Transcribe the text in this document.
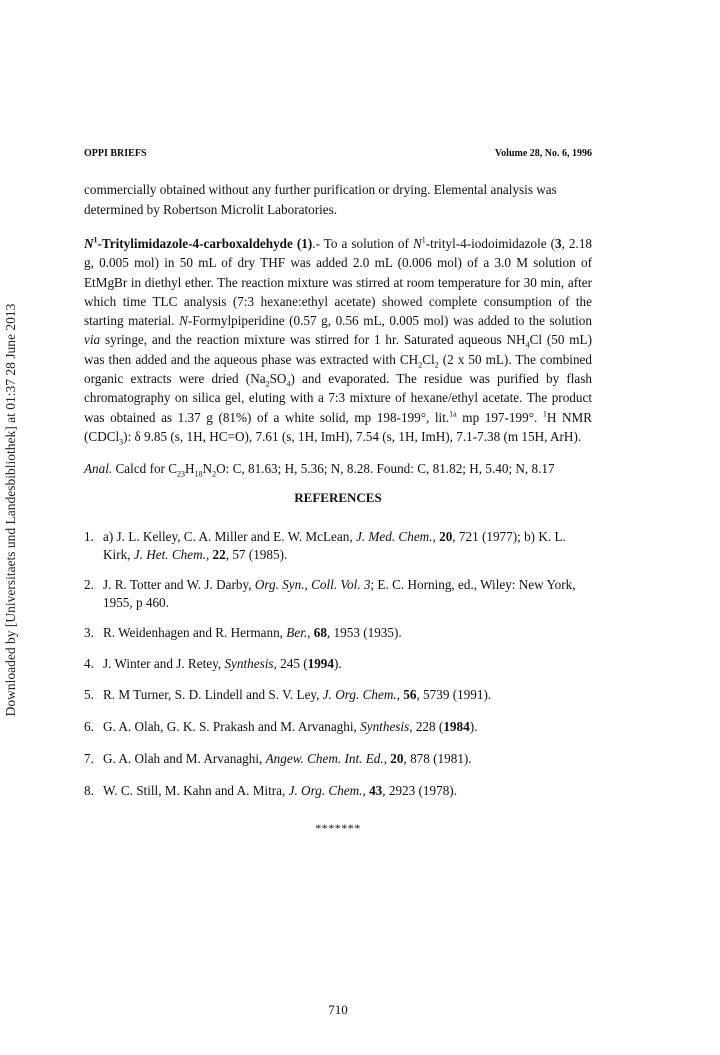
Downloaded by [Universitaets und Landesbibliothek] at 01:37 28 June 2013
OPPI BRIEFS	Volume 28, No. 6, 1996
commercially obtained without any further purification or drying. Elemental analysis was determined by Robertson Microlit Laboratories.
$N^1-Tritylimidazole-4$-carboxaldehyde (1).- To a solution of $N^1-trityl-4$-iodoimidazole (3, 2.18 g, 0.005 mol) in 50 mL of dry THF was added 2.0 mL (0.006 mol) of a 3.0 M solution of EtMgBr in diethyl ether. The reaction mixture was stirred at room temperature for 30 min, after which time TLC analysis (7:3 hexane:ethyl acetate) showed complete consumption of the starting material. N-Formylpiperidine (0.57 g, 0.56 mL, 0.005 mol) was added to the solution via syringe, and the reaction mixture was stirred for 1 hr. Saturated aqueous $NH_4Cl$ (50 mL) was then added and the aqueous phase was extracted with $CH_2Cl_2$ (2 x 50 mL). The combined organic extracts were dried $(Na_2SO_4)$ and evaporated. The residue was purified by flash chromatography on silica gel, eluting with a 7:3 mixture of hexane/ethyl acetate. The product was obtained as 1.37 g (81%) of a white solid, mp 198-199°, lit.$^{1a}$ mp 197-199°. $^1$H NMR (CDCl$_3$): δ 9.85 (s, 1H, HC=O), 7.61 (s, 1H, ImH), 7.54 (s, 1H, ImH), 7.1-7.38 (m 15H, ArH).
Anal. Calcd for $C_{23}H_{18}N_2O$: C, 81.63; H, 5.36; N, 8.28. Found: C, 81.82; H, 5.40; N, 8.17
REFERENCES
1. a) J. L. Kelley, C. A. Miller and E. W. McLean, J. Med. Chem., 20, 721 (1977); b) K. L. Kirk, J. Het. Chem., 22, 57 (1985).
2. J. R. Totter and W. J. Darby, Org. Syn., Coll. Vol. 3; E. C. Horning, ed., Wiley: New York, 1955, p 460.
3. R. Weidenhagen and R. Hermann, Ber., 68, 1953 (1935).
4. J. Winter and J. Retey, Synthesis, 245 (1994).
5. R. M Turner, S. D. Lindell and S. V. Ley, J. Org. Chem., 56, 5739 (1991).
6. G. A. Olah, G. K. S. Prakash and M. Arvanaghi, Synthesis, 228 (1984).
7. G. A. Olah and M. Arvanaghi, Angew. Chem. Int. Ed., 20, 878 (1981).
8. W. C. Still, M. Kahn and A. Mitra, J. Org. Chem., 43, 2923 (1978).
*******
710
